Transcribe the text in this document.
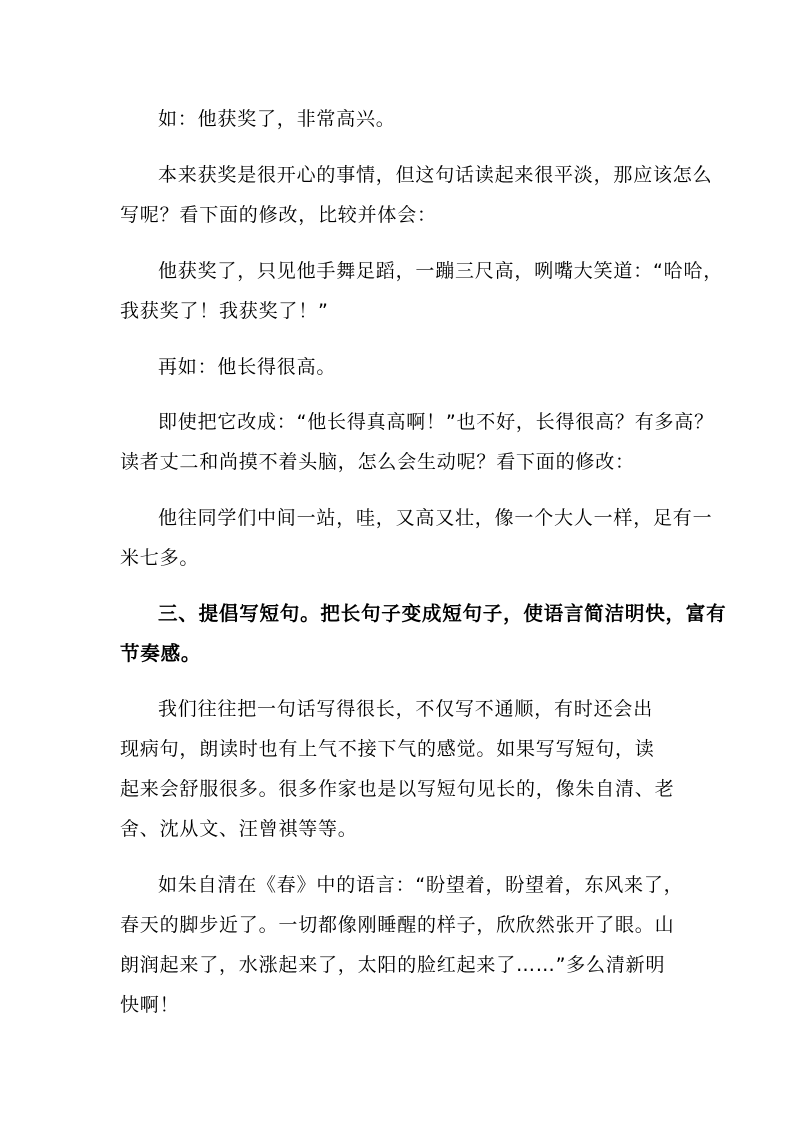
如：他获奖了，非常高兴。
本来获奖是很开心的事情，但这句话读起来很平淡，那应该怎么
写呢？看下面的修改，比较并体会：
他获奖了，只见他手舞足蹈，一蹦三尺高，咧嘴大笑道：“哈哈，
我获奖了！我获奖了！”
再如：他长得很高。
即使把它改成：“他长得真高啊！”也不好，长得很高？有多高？
读者丈二和尚摸不着头脑，怎么会生动呢？看下面的修改：
他往同学们中间一站，哇，又高又壮，像一个大人一样，足有一
米七多。
三、提倡写短句。把长句子变成短句子，使语言简洁明快，富有
节奏感。
我们往往把一句话写得很长，不仅写不通顺，有时还会出
现病句，朗读时也有上气不接下气的感觉。如果写写短句，读
起来会舒服很多。很多作家也是以写短句见长的，像朱自清、老
舍、沈从文、汪曾祺等等。
如朱自清在《春》中的语言：“盼望着，盼望着，东风来了，
春天的脚步近了。一切都像刚睡醒的样子，欣欣然张开了眼。山
朗润起来了，水涨起来了，太阳的脸红起来了……”多么清新明
快啊！
